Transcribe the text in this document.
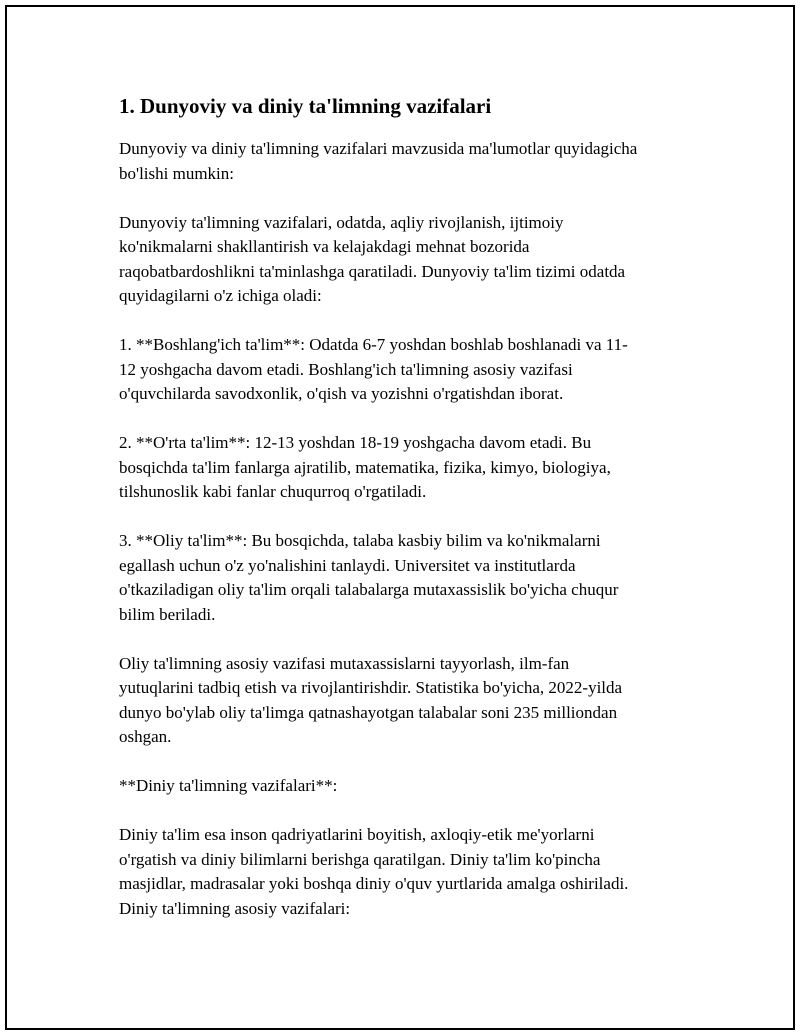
1. Dunyoviy va diniy ta'limning vazifalari

Dunyoviy va diniy ta'limning vazifalari mavzusida ma'lumotlar quyidagicha
bo'lishi mumkin:

Dunyoviy ta'limning vazifalari, odatda, aqliy rivojlanish, ijtimoiy
ko'nikmalarni shakllantirish va kelajakdagi mehnat bozorida
raqobatbardoshlikni ta'minlashga qaratiladi. Dunyoviy ta'lim tizimi odatda
quyidagilarni o'z ichiga oladi:

1. **Boshlang'ich ta'lim**: Odatda 6-7 yoshdan boshlab boshlanadi va 11-
12 yoshgacha davom etadi. Boshlang'ich ta'limning asosiy vazifasi
o'quvchilarda savodxonlik, o'qish va yozishni o'rgatishdan iborat.

2. **O'rta ta'lim**: 12-13 yoshdan 18-19 yoshgacha davom etadi. Bu
bosqichda ta'lim fanlarga ajratilib, matematika, fizika, kimyo, biologiya,
tilshunoslik kabi fanlar chuqurroq o'rgatiladi.

3. **Oliy ta'lim**: Bu bosqichda, talaba kasbiy bilim va ko'nikmalarni
egallash uchun o'z yo'nalishini tanlaydi. Universitet va institutlarda
o'tkaziladigan oliy ta'lim orqali talabalarga mutaxassislik bo'yicha chuqur
bilim beriladi.

Oliy ta'limning asosiy vazifasi mutaxassislarni tayyorlash, ilm-fan
yutuqlarini tadbiq etish va rivojlantirishdir. Statistika bo'yicha, 2022-yilda
dunyo bo'ylab oliy ta'limga qatnashayotgan talabalar soni 235 milliondan
oshgan.

**Diniy ta'limning vazifalari**:

Diniy ta'lim esa inson qadriyatlarini boyitish, axloqiy-etik me'yorlarni
o'rgatish va diniy bilimlarni berishga qaratilgan. Diniy ta'lim ko'pincha
masjidlar, madrasalar yoki boshqa diniy o'quv yurtlarida amalga oshiriladi.
Diniy ta'limning asosiy vazifalari:
